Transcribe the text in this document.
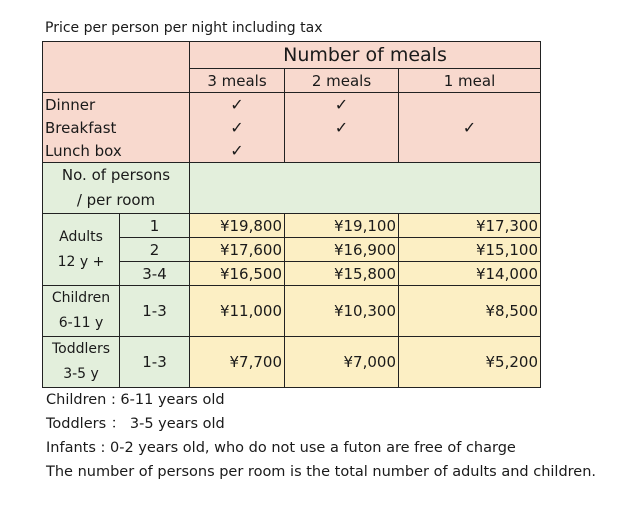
Price per person per night including tax
		Number of meals		
		3 meals	2 meals	1 meal
Dinner		✓	✓	
Breakfast		✓	✓	✓
Lunch box		✓		

No. of persons
/ per room				

Adults
12 y +	1	¥19,800	¥19,100	¥17,300
	2	¥17,600	¥16,900	¥15,100
	3-4	¥16,500	¥15,800	¥14,000

Children
6-11 y	1-3	¥11,000	¥10,300	¥8,500

Toddlers
3-5 y	1-3	¥7,700	¥7,000	¥5,200
Children : 6-11 years old
Toddlers ： 3-5 years old
Infants : 0-2 years old, who do not use a futon are free of charge
The number of persons per room is the total number of adults and children.
